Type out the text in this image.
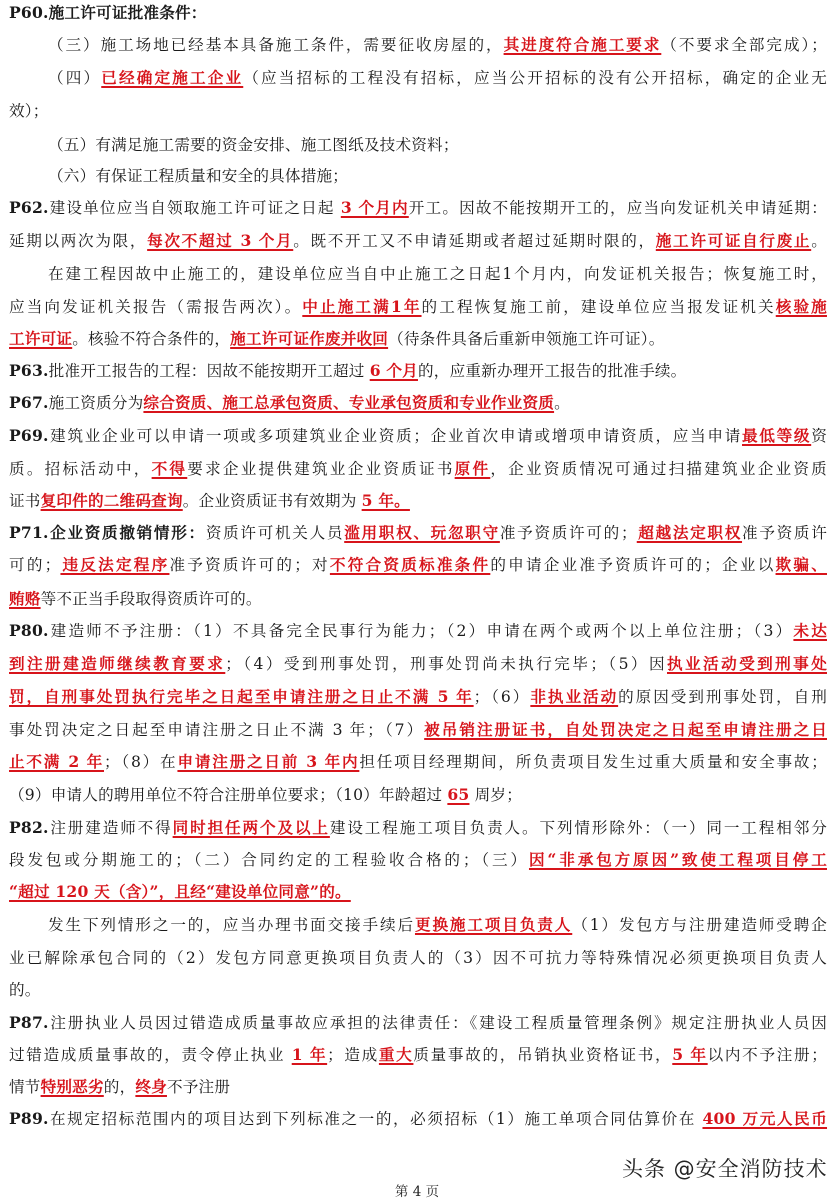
P60.施工许可证批准条件：
（三）施工场地已经基本具备施工条件，需要征收房屋的，其进度符合施工要求（不要求全部完成）；
（四）已经确定施工企业（应当招标的工程没有招标，应当公开招标的没有公开招标，确定的企业无
效）；
（五）有满足施工需要的资金安排、施工图纸及技术资料；
（六）有保证工程质量和安全的具体措施；
P62.建设单位应当自领取施工许可证之日起 3 个月内开工。因故不能按期开工的，应当向发证机关申请延期：
延期以两次为限，每次不超过 3 个月。既不开工又不申请延期或者超过延期时限的，施工许可证自行废止。
在建工程因故中止施工的，建设单位应当自中止施工之日起1个月内，向发证机关报告；恢复施工时，
应当向发证机关报告（需报告两次）。中止施工满1年的工程恢复施工前，建设单位应当报发证机关核验施
工许可证。核验不符合条件的，施工许可证作废并收回（待条件具备后重新申领施工许可证）。
P63.批准开工报告的工程：因故不能按期开工超过 6 个月的，应重新办理开工报告的批准手续。
P67.施工资质分为综合资质、施工总承包资质、专业承包资质和专业作业资质。
P69.建筑业企业可以申请一项或多项建筑业企业资质；企业首次申请或增项申请资质，应当申请最低等级资
质。招标活动中，不得要求企业提供建筑业企业资质证书原件，企业资质情况可通过扫描建筑业企业资质
证书复印件的二维码查询。企业资质证书有效期为 5 年。
P71.企业资质撤销情形：资质许可机关人员滥用职权、玩忽职守准予资质许可的；超越法定职权准予资质许
可的；违反法定程序准予资质许可的；对不符合资质标准条件的申请企业准予资质许可的；企业以欺骗、
贿赂等不正当手段取得资质许可的。
P80.建造师不予注册：（1）不具备完全民事行为能力；（2）申请在两个或两个以上单位注册；（3）未达
到注册建造师继续教育要求；（4）受到刑事处罚，刑事处罚尚未执行完毕；（5）因执业活动受到刑事处
罚，自刑事处罚执行完毕之日起至申请注册之日止不满 5 年；（6）非执业活动的原因受到刑事处罚，自刑
事处罚决定之日起至申请注册之日止不满 3 年；（7）被吊销注册证书，自处罚决定之日起至申请注册之日
止不满 2 年；（8）在申请注册之日前 3 年内担任项目经理期间，所负责项目发生过重大质量和安全事故；
（9）申请人的聘用单位不符合注册单位要求；（10）年龄超过 65 周岁；
P82.注册建造师不得同时担任两个及以上建设工程施工项目负责人。下列情形除外：（一）同一工程相邻分
段发包或分期施工的；（二）合同约定的工程验收合格的；（三）因“非承包方原因”致使工程项目停工
“超过 120 天（含）”，且经“建设单位同意”的。
发生下列情形之一的，应当办理书面交接手续后更换施工项目负责人（1）发包方与注册建造师受聘企
业已解除承包合同的（2）发包方同意更换项目负责人的（3）因不可抗力等特殊情况必须更换项目负责人
的。
P87.注册执业人员因过错造成质量事故应承担的法律责任：《建设工程质量管理条例》规定注册执业人员因
过错造成质量事故的，责令停止执业 1 年；造成重大质量事故的，吊销执业资格证书，5 年以内不予注册；
情节特别恶劣的，终身不予注册
P89.在规定招标范围内的项目达到下列标准之一的，必须招标（1）施工单项合同估算价在 400 万元人民币
头条 @安全消防技术
第 4 页
